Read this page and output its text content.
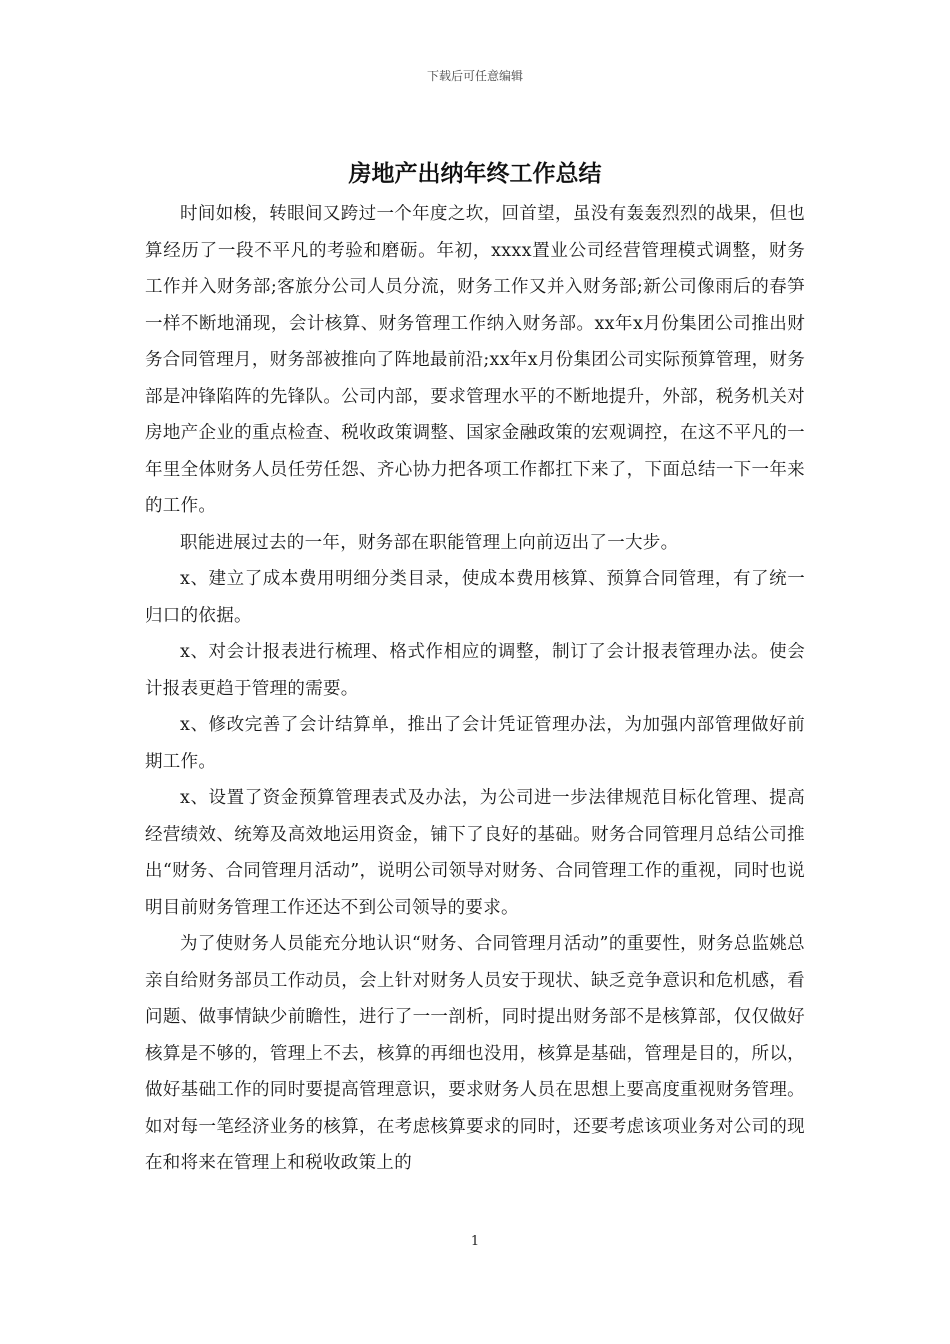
下载后可任意编辑
房地产出纳年终工作总结

时间如梭，转眼间又跨过一个年度之坎，回首望，虽没有轰轰烈烈的战果，但也算经历了一段不平凡的考验和磨砺。年初，xxxx置业公司经营管理模式调整，财务工作并入财务部;客旅分公司人员分流，财务工作又并入财务部;新公司像雨后的春笋一样不断地涌现，会计核算、财务管理工作纳入财务部。xx年x月份集团公司推出财务合同管理月，财务部被推向了阵地最前沿;xx年x月份集团公司实际预算管理，财务部是冲锋陷阵的先锋队。公司内部，要求管理水平的不断地提升，外部，税务机关对房地产企业的重点检查、税收政策调整、国家金融政策的宏观调控，在这不平凡的一年里全体财务人员任劳任怨、齐心协力把各项工作都扛下来了，下面总结一下一年来的工作。

职能进展过去的一年，财务部在职能管理上向前迈出了一大步。

x、建立了成本费用明细分类目录，使成本费用核算、预算合同管理，有了统一归口的依据。

x、对会计报表进行梳理、格式作相应的调整，制订了会计报表管理办法。使会计报表更趋于管理的需要。

x、修改完善了会计结算单，推出了会计凭证管理办法，为加强内部管理做好前期工作。

x、设置了资金预算管理表式及办法，为公司进一步法律规范目标化管理、提高经营绩效、统筹及高效地运用资金，铺下了良好的基础。财务合同管理月总结公司推出“财务、合同管理月活动”，说明公司领导对财务、合同管理工作的重视，同时也说明目前财务管理工作还达不到公司领导的要求。

为了使财务人员能充分地认识“财务、合同管理月活动”的重要性，财务总监姚总亲自给财务部员工作动员，会上针对财务人员安于现状、缺乏竞争意识和危机感，看问题、做事情缺少前瞻性，进行了一一剖析，同时提出财务部不是核算部，仅仅做好核算是不够的，管理上不去，核算的再细也没用，核算是基础，管理是目的，所以，做好基础工作的同时要提高管理意识，要求财务人员在思想上要高度重视财务管理。如对每一笔经济业务的核算，在考虑核算要求的同时，还要考虑该项业务对公司的现在和将来在管理上和税收政策上的

1
